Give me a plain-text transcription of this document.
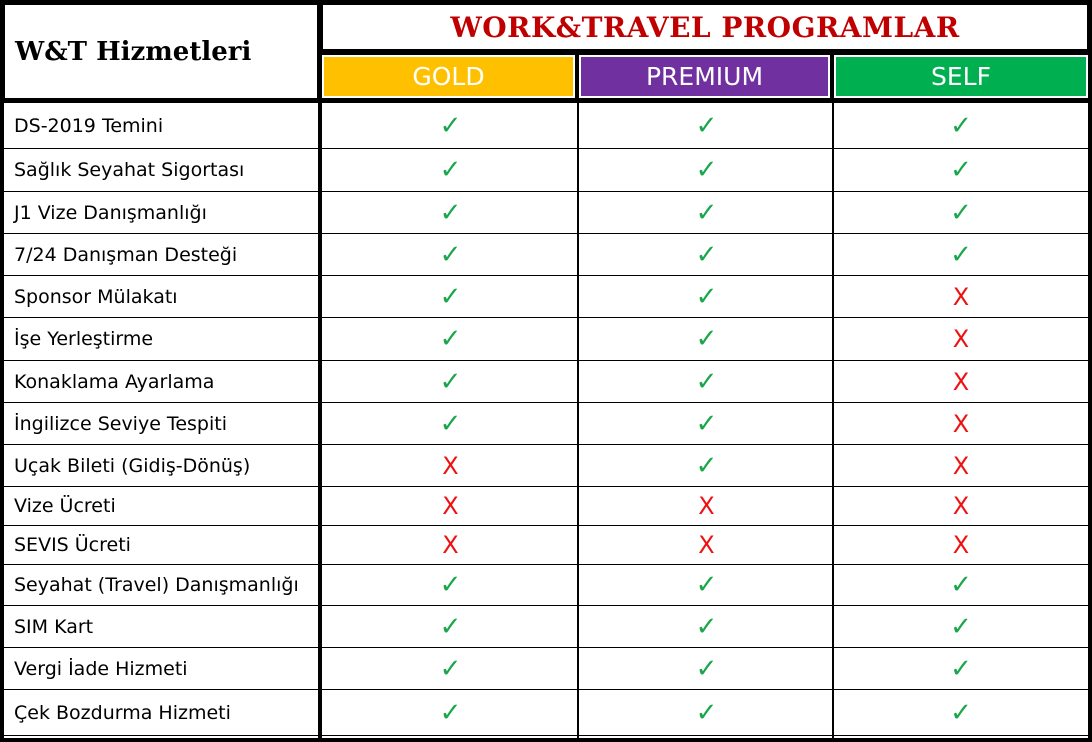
W&T Hizmetleri
WORK&TRAVEL PROGRAMLAR
GOLD	PREMIUM	SELF
DS-2019 Temini	✓	✓	✓
Sağlık Seyahat Sigortası	✓	✓	✓
J1 Vize Danışmanlığı	✓	✓	✓
7/24 Danışman Desteği	✓	✓	✓
Sponsor Mülakatı	✓	✓	X
İşe Yerleştirme	✓	✓	X
Konaklama Ayarlama	✓	✓	X
İngilizce Seviye Tespiti	✓	✓	X
Uçak Bileti (Gidiş-Dönüş)	X	✓	X
Vize Ücreti	X	X	X
SEVIS Ücreti	X	X	X
Seyahat (Travel) Danışmanlığı	✓	✓	✓
SIM Kart	✓	✓	✓
Vergi İade Hizmeti	✓	✓	✓
Çek Bozdurma Hizmeti	✓	✓	✓
